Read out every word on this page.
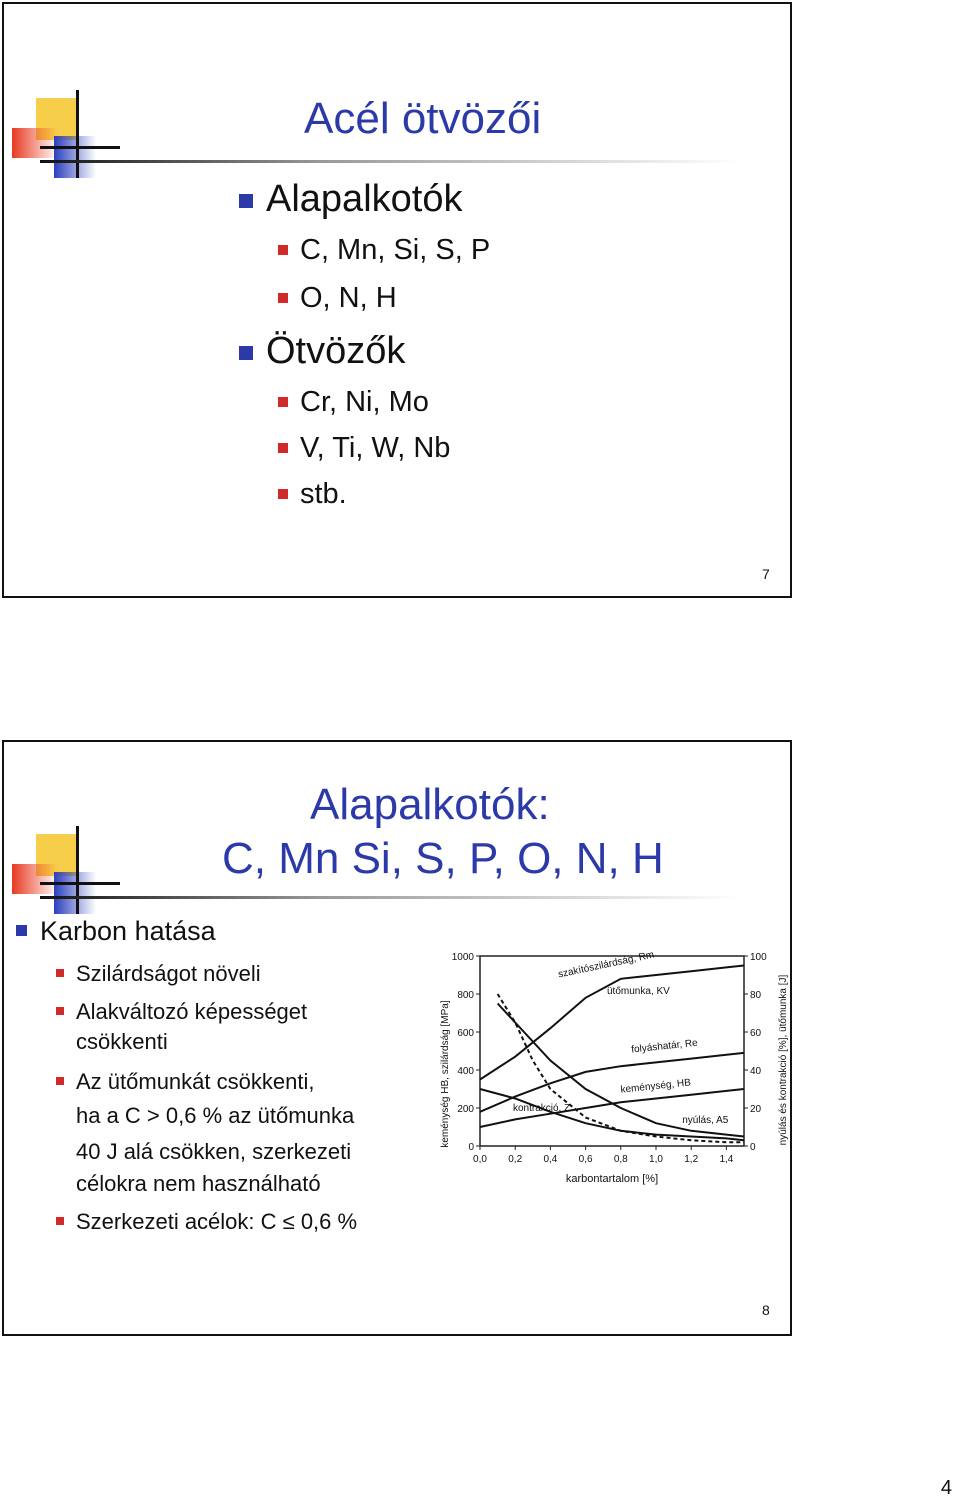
Acél ötvözői
Alapalkotók
C, Mn, Si, S, P
O, N, H
Ötvözők
Cr, Ni, Mo
V, Ti, W, Nb
stb.
7
Alapalkotók:
C, Mn Si, S, P, O, N, H
Karbon hatása
Szilárdságot növeli
Alakváltozó képességet
csökkenti
Az ütőmunkát csökkenti,
ha a C > 0,6 % az ütőmunka
40 J alá csökken, szerkezeti
célokra nem használható
Szerkezeti acélok: C ≤ 0,6 %
0
200
400
600
800
1000
0
20
40
60
80
100
0,0 0,2 0,4 0,6 0,8 1,0 1,2 1,4
kontrakció, Z
szakítószilárdság, Rm
ütőmunka, KV
folyáshatár, Re
keménység, HB
nyúlás, A5
keménység HB, szilárdság [MPa]	nyúlás és kontrakció [%], ütőmunka [J]
karbontartalom [%]
8
4
